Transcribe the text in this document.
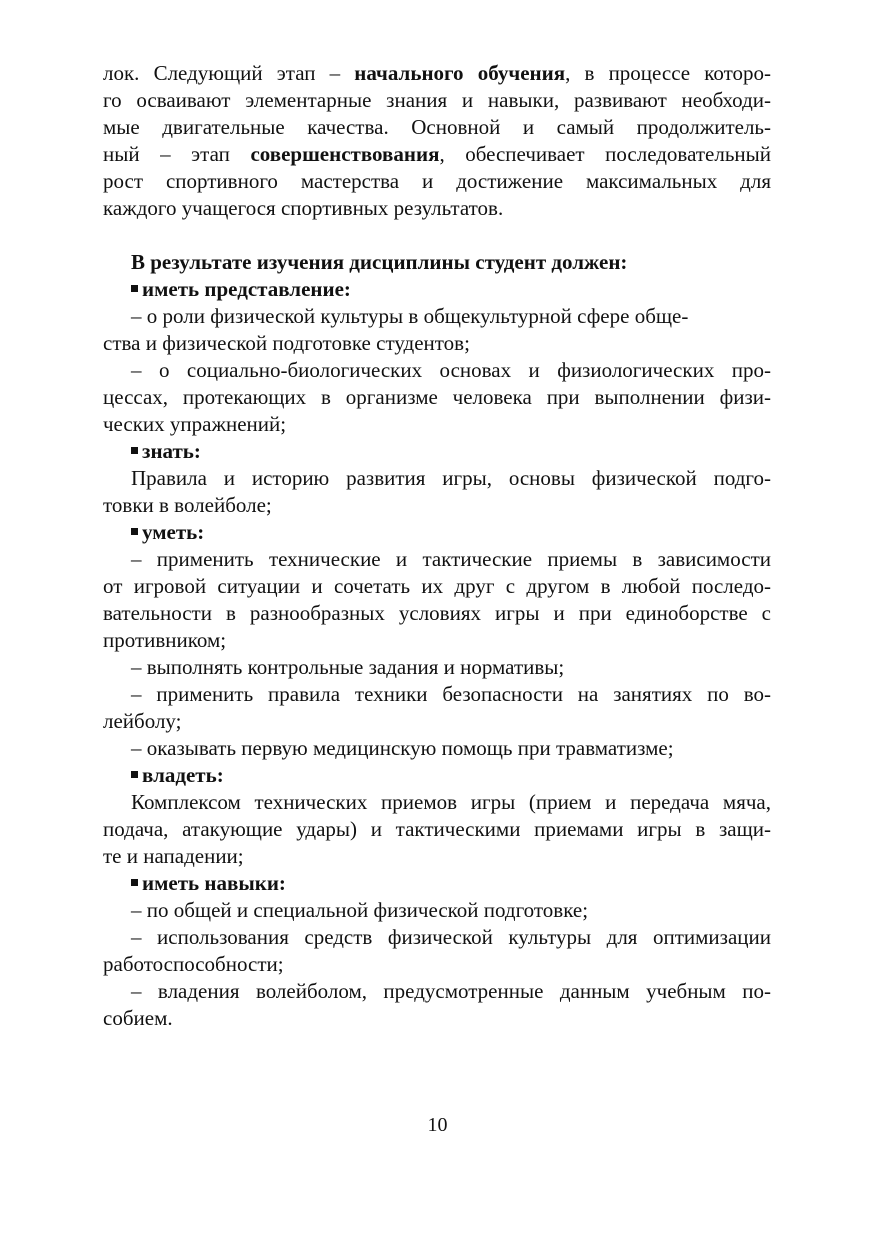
лок. Следующий этап – начального обучения, в процессе которо-
го осваивают элементарные знания и навыки, развивают необходи-
мые двигательные качества. Основной и самый продолжитель-
ный – этап совершенствования, обеспечивает последовательный
рост спортивного мастерства и достижение максимальных для
каждого учащегося спортивных результатов.
В результате изучения дисциплины студент должен:
иметь представление:
– о роли физической культуры в общекультурной сфере обще-
ства и физической подготовке студентов;
– о социально-биологических основах и физиологических про-
цессах, протекающих в организме человека при выполнении физи-
ческих упражнений;
знать:
Правила и историю развития игры, основы физической подго-
товки в волейболе;
уметь:
– применить технические и тактические приемы в зависимости
от игровой ситуации и сочетать их друг с другом в любой последо-
вательности в разнообразных условиях игры и при единоборстве с
противником;
– выполнять контрольные задания и нормативы;
– применить правила техники безопасности на занятиях по во-
лейболу;
– оказывать первую медицинскую помощь при травматизме;
владеть:
Комплексом технических приемов игры (прием и передача мяча,
подача, атакующие удары) и тактическими приемами игры в защи-
те и нападении;
иметь навыки:
– по общей и специальной физической подготовке;
– использования средств физической культуры для оптимизации
работоспособности;
– владения волейболом, предусмотренные данным учебным по-
собием.
10
